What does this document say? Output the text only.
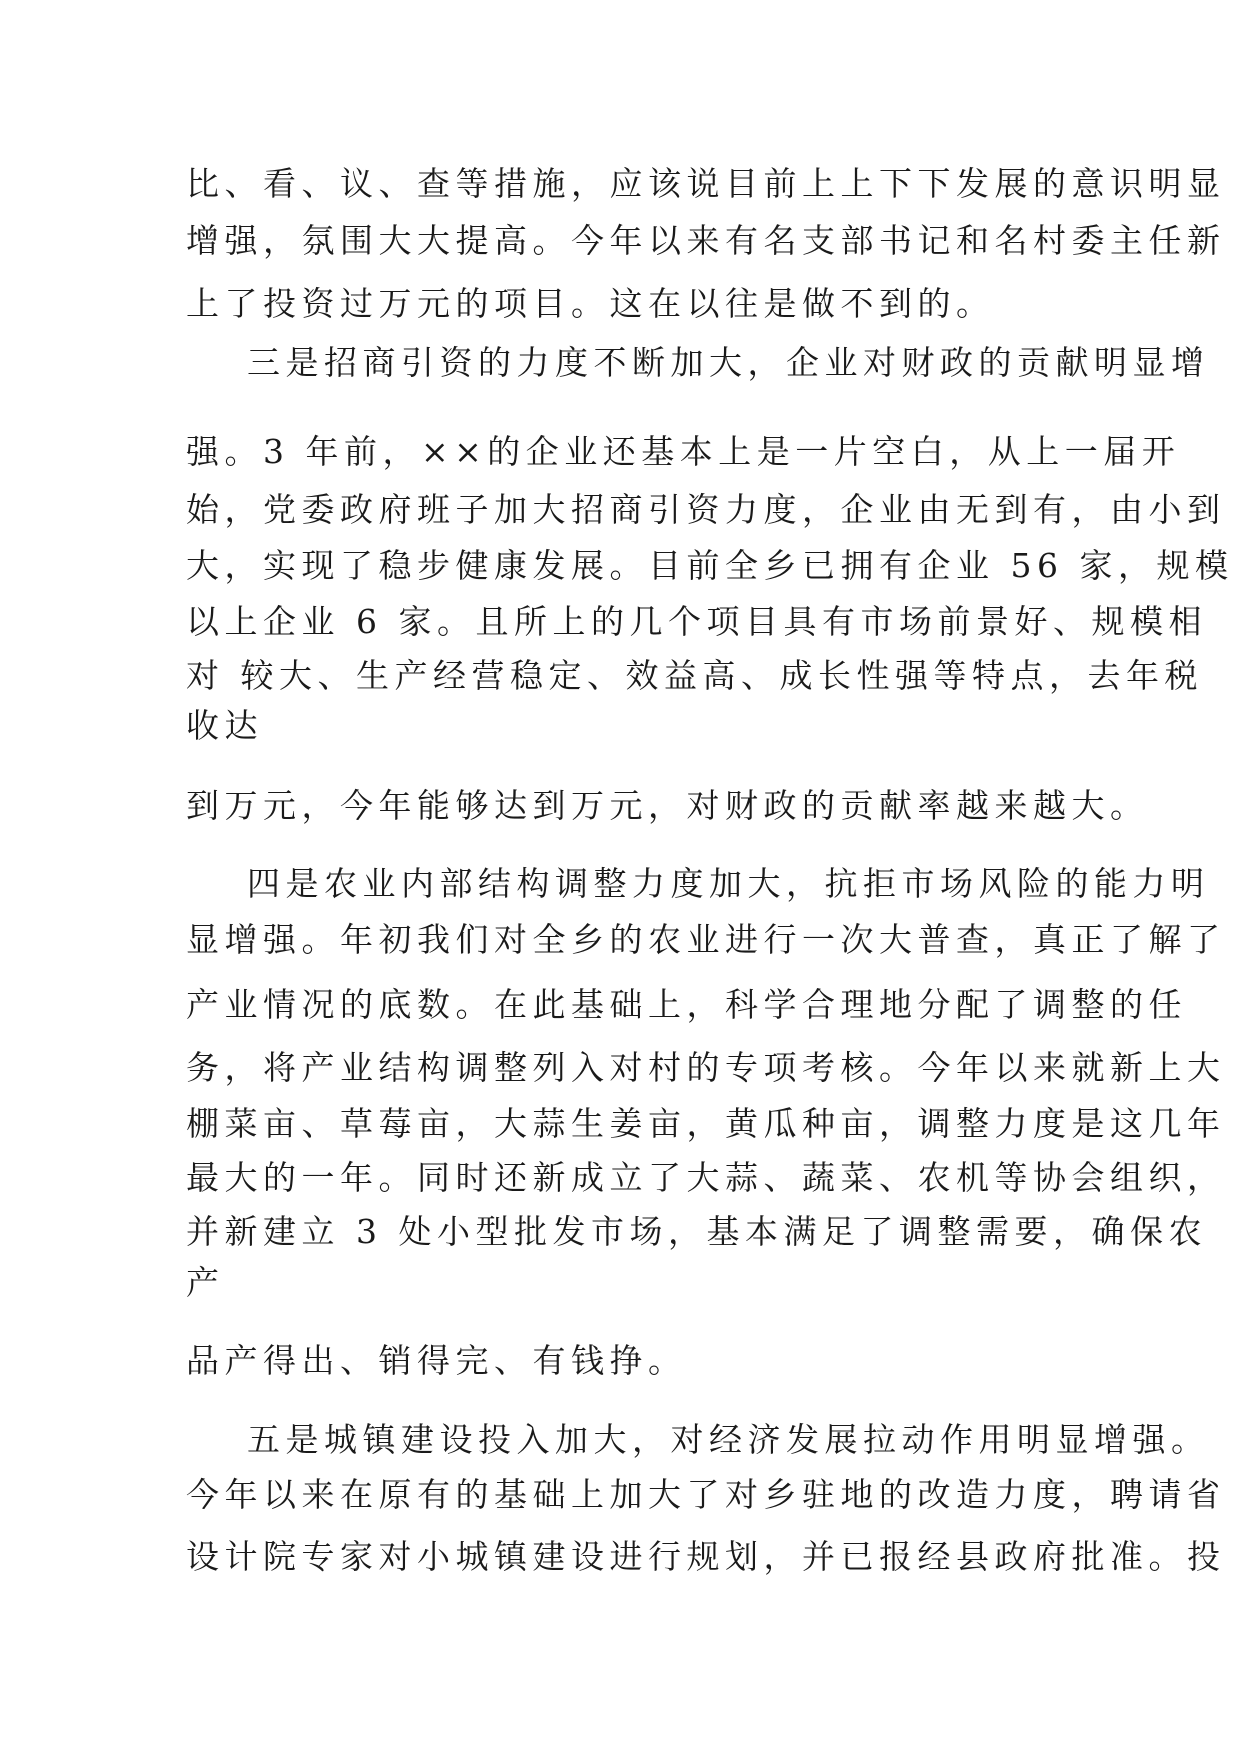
比、看、议、查等措施，应该说目前上上下下发展的意识明显
增强，氛围大大提高。今年以来有名支部书记和名村委主任新
上了投资过万元的项目。这在以往是做不到的。
三是招商引资的力度不断加大，企业对财政的贡献明显增
强。3 年前，××的企业还基本上是一片空白，从上一届开
始，党委政府班子加大招商引资力度，企业由无到有，由小到
大，实现了稳步健康发展。目前全乡已拥有企业 56 家，规模
以上企业 6 家。且所上的几个项目具有市场前景好、规模相
对 较大、生产经营稳定、效益高、成长性强等特点，去年税
收达
到万元，今年能够达到万元，对财政的贡献率越来越大。
四是农业内部结构调整力度加大，抗拒市场风险的能力明
显增强。年初我们对全乡的农业进行一次大普查，真正了解了
产业情况的底数。在此基础上，科学合理地分配了调整的任
务，将产业结构调整列入对村的专项考核。今年以来就新上大
棚菜亩、草莓亩，大蒜生姜亩，黄瓜种亩，调整力度是这几年
最大的一年。同时还新成立了大蒜、蔬菜、农机等协会组织，
并新建立 3 处小型批发市场，基本满足了调整需要，确保农
产
品产得出、销得完、有钱挣。
五是城镇建设投入加大，对经济发展拉动作用明显增强。
今年以来在原有的基础上加大了对乡驻地的改造力度，聘请省
设计院专家对小城镇建设进行规划，并已报经县政府批准。投
